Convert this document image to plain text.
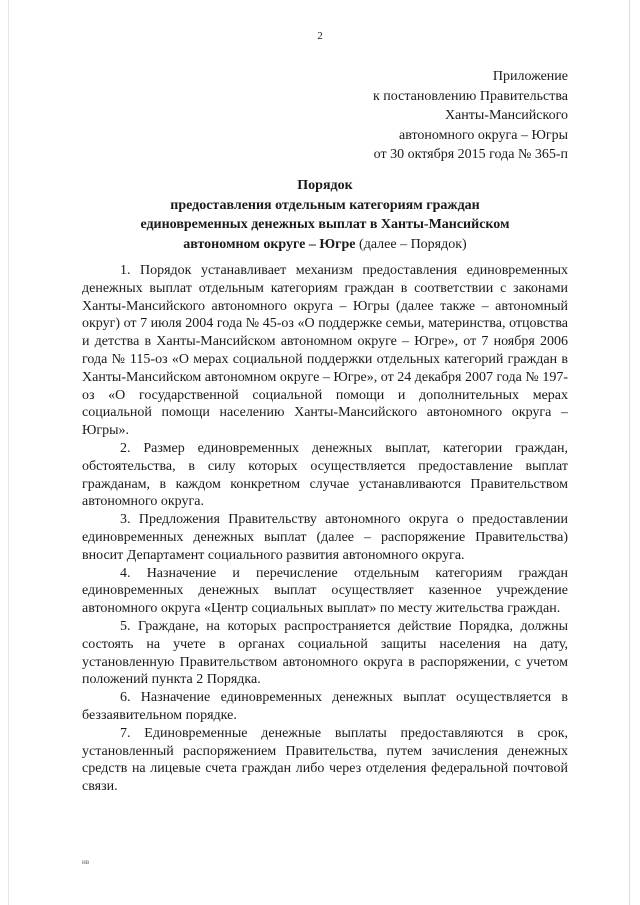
2
Приложение
к постановлению Правительства
Ханты-Мансийского
автономного округа – Югры
от 30 октября 2015 года № 365-п
Порядок
предоставления отдельным категориям граждан
единовременных денежных выплат в Ханты-Мансийском
автономном округе – Югре (далее – Порядок)

1. Порядок устанавливает механизм предоставления единовременных денежных выплат отдельным категориям граждан в соответствии с законами Ханты-Мансийского автономного округа – Югры (далее также – автономный округ) от 7 июля 2004 года № 45-оз «О поддержке семьи, материнства, отцовства и детства в Ханты-Мансийском автономном округе – Югре», от 7 ноября 2006 года № 115-оз «О мерах социальной поддержки отдельных категорий граждан в Ханты-Мансийском автономном округе – Югре», от 24 декабря 2007 года № 197-оз «О государственной социальной помощи и дополнительных мерах социальной помощи населению Ханты-Мансийского автономного округа – Югры».

2. Размер единовременных денежных выплат, категории граждан, обстоятельства, в силу которых осуществляется предоставление выплат гражданам, в каждом конкретном случае устанавливаются Правительством автономного округа.

3. Предложения Правительству автономного округа о предоставлении единовременных денежных выплат (далее – распоряжение Правительства) вносит Департамент социального развития автономного округа.

4. Назначение и перечисление отдельным категориям граждан единовременных денежных выплат осуществляет казенное учреждение автономного округа «Центр социальных выплат» по месту жительства граждан.

5. Граждане, на которых распространяется действие Порядка, должны состоять на учете в органах социальной защиты населения на дату, установленную Правительством автономного округа в распоряжении, с учетом положений пункта 2 Порядка.

6. Назначение единовременных денежных выплат осуществляется в беззаявительном порядке.

7. Единовременные денежные выплаты предоставляются в срок, установленный распоряжением Правительства, путем зачисления денежных средств на лицевые счета граждан либо через отделения федеральной почтовой связи.

нв
